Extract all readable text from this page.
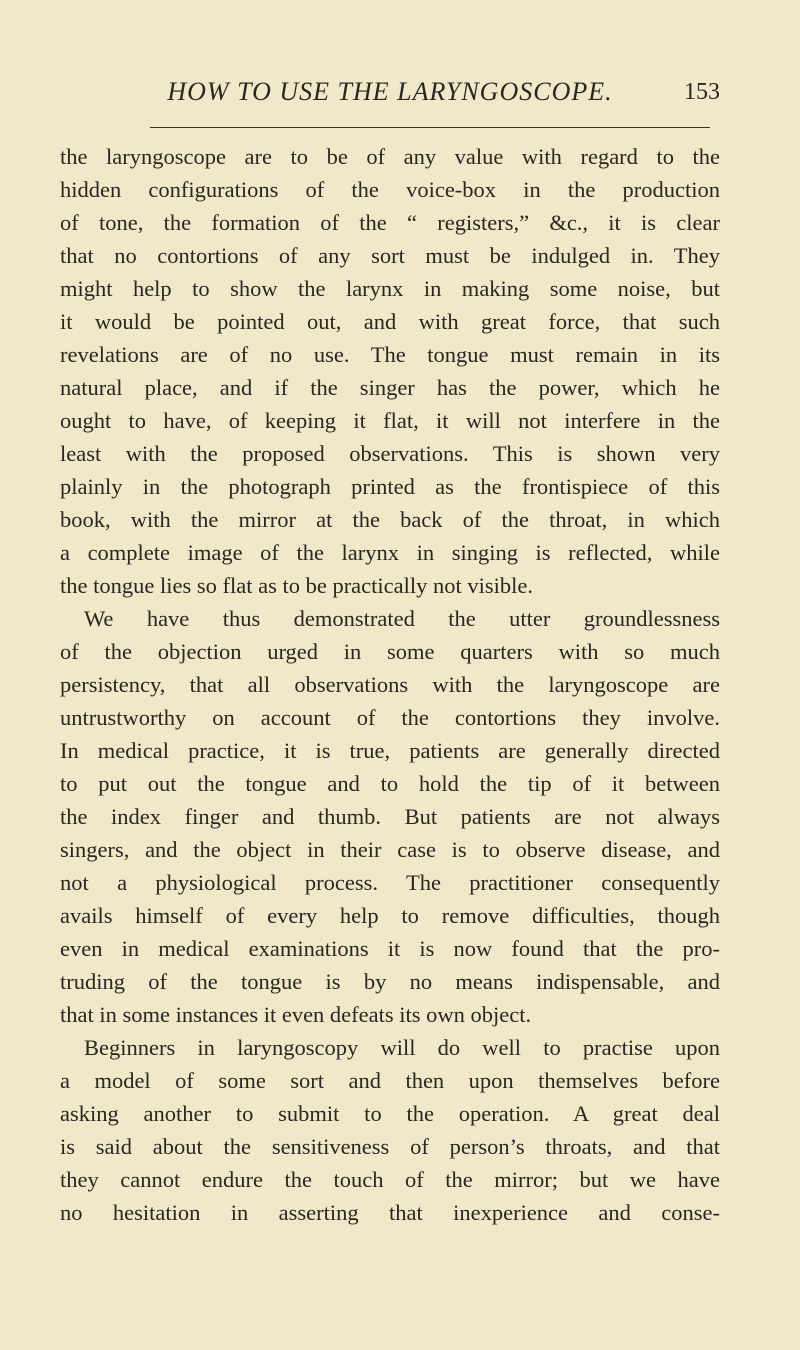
HOW TO USE THE LARYNGOSCOPE.	153
the laryngoscope are to be of any value with regard to the
hidden configurations of the voice-box in the production
of tone, the formation of the “ registers,” &c., it is clear
that no contortions of any sort must be indulged in. They
might help to show the larynx in making some noise, but
it would be pointed out, and with great force, that such
revelations are of no use. The tongue must remain in its
natural place, and if the singer has the power, which he
ought to have, of keeping it flat, it will not interfere in the
least with the proposed observations. This is shown very
plainly in the photograph printed as the frontispiece of this
book, with the mirror at the back of the throat, in which
a complete image of the larynx in singing is reflected, while
the tongue lies so flat as to be practically not visible.
We have thus demonstrated the utter groundlessness
of the objection urged in some quarters with so much
persistency, that all observations with the laryngoscope are
untrustworthy on account of the contortions they involve.
In medical practice, it is true, patients are generally directed
to put out the tongue and to hold the tip of it between
the index finger and thumb. But patients are not always
singers, and the object in their case is to observe disease, and
not a physiological process. The practitioner consequently
avails himself of every help to remove difficulties, though
even in medical examinations it is now found that the pro-
truding of the tongue is by no means indispensable, and
that in some instances it even defeats its own object.
Beginners in laryngoscopy will do well to practise upon
a model of some sort and then upon themselves before
asking another to submit to the operation. A great deal
is said about the sensitiveness of person’s throats, and that
they cannot endure the touch of the mirror; but we have
no hesitation in asserting that inexperience and conse-
